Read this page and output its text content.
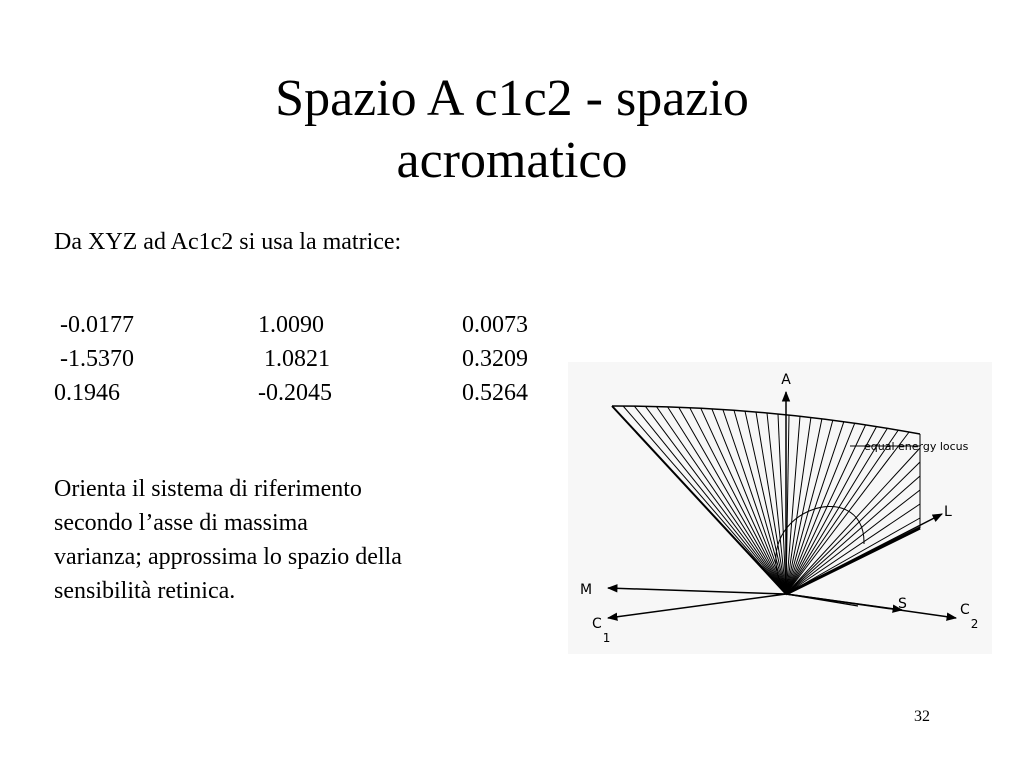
Spazio A c1c2 - spazio
acromatico
Da XYZ ad Ac1c2 si usa la matrice:
-0.0177	1.0090	0.0073
-1.5370	1.0821	0.3209
0.1946	-0.2045	0.5264
Orienta il sistema di riferimento
secondo l’asse di massima
varianza; approssima lo spazio della
sensibilità retinica.
A
L
M
S
C1
C2
equal energy locus
32
